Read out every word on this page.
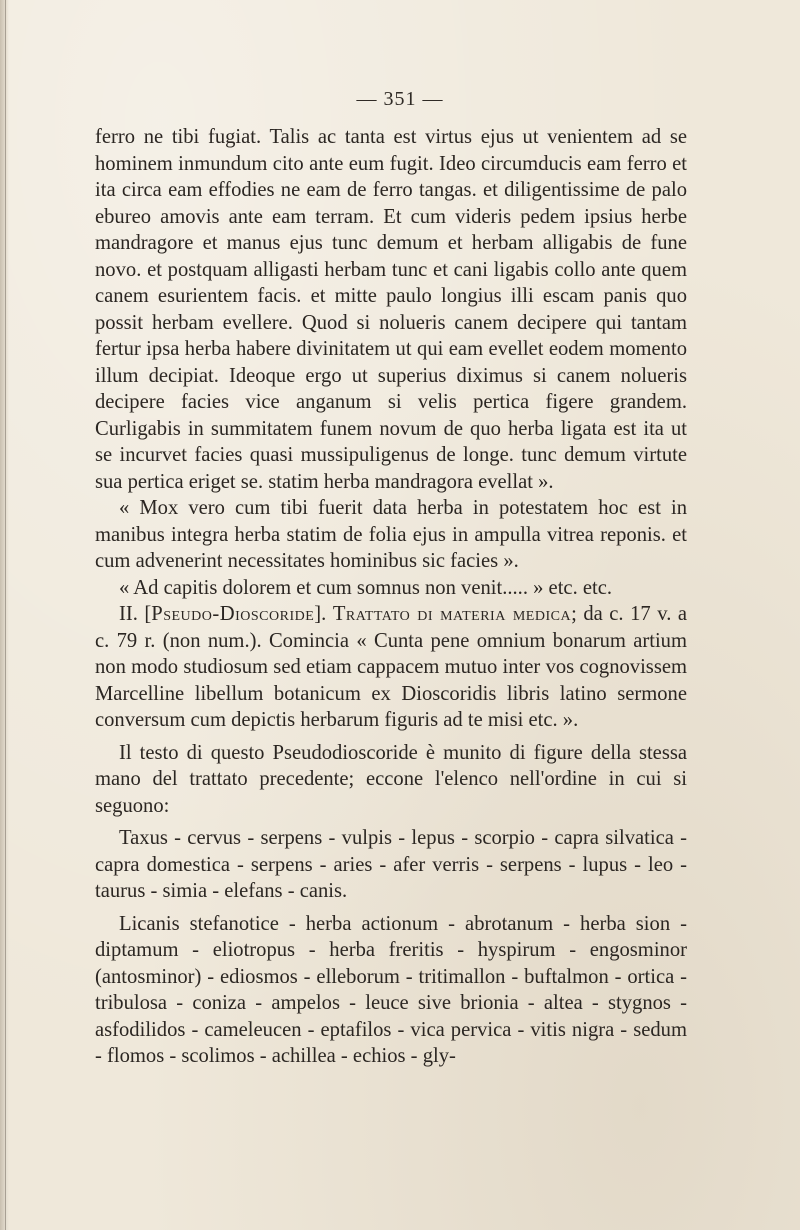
— 351 —

ferro ne tibi fugiat. Talis ac tanta est virtus ejus ut venientem ad se hominem inmundum cito ante eum fugit. Ideo circumducis eam ferro et ita circa eam effodies ne eam de ferro tangas. et diligentissime de palo ebureo amovis ante eam terram. Et cum videris pedem ipsius herbe mandragore et manus ejus tunc demum et herbam alligabis de fune novo. et postquam alligasti herbam tunc et cani ligabis collo ante quem canem esurientem facis. et mitte paulo longius illi escam panis quo possit herbam evellere. Quod si nolueris canem decipere qui tantam fertur ipsa herba habere divinitatem ut qui eam evellet eodem momento illum decipiat. Ideoque ergo ut superius diximus si canem nolueris decipere facies vice anganum si velis pertica figere grandem. Curligabis in summitatem funem novum de quo herba ligata est ita ut se incurvet facies quasi mussipuligenus de longe. tunc demum virtute sua pertica eriget se. statim herba mandragora evellat ».

« Mox vero cum tibi fuerit data herba in potestatem hoc est in manibus integra herba statim de folia ejus in ampulla vitrea reponis. et cum advenerint necessitates hominibus sic facies ».

« Ad capitis dolorem et cum somnus non venit..... » etc. etc.

II. [Pseudo-Dioscoride]. Trattato di materia medica; da c. 17 v. a c. 79 r. (non num.). Comincia « Cunta pene omnium bonarum artium non modo studiosum sed etiam cappacem mutuo inter vos cognovissem Marcelline libellum botanicum ex Dioscoridis libris latino sermone conversum cum depictis herbarum figuris ad te misi etc. ».

Il testo di questo Pseudodioscoride è munito di figure della stessa mano del trattato precedente; eccone l'elenco nell'ordine in cui si seguono:

Taxus - cervus - serpens - vulpis - lepus - scorpio - capra silvatica - capra domestica - serpens - aries - afer verris - serpens - lupus - leo - taurus - simia - elefans - canis.

Licanis stefanotice - herba actionum - abrotanum - herba sion - diptamum - eliotropus - herba freritis - hyspirum - engosminor (antosminor) - ediosmos - elleborum - tritimallon - buftalmon - ortica - tribulosa - coniza - ampelos - leuce sive brionia - altea - stygnos - asfodilidos - cameleucen - eptafilos - vica pervica - vitis nigra - sedum - flomos - scolimos - achillea - echios - gly-
